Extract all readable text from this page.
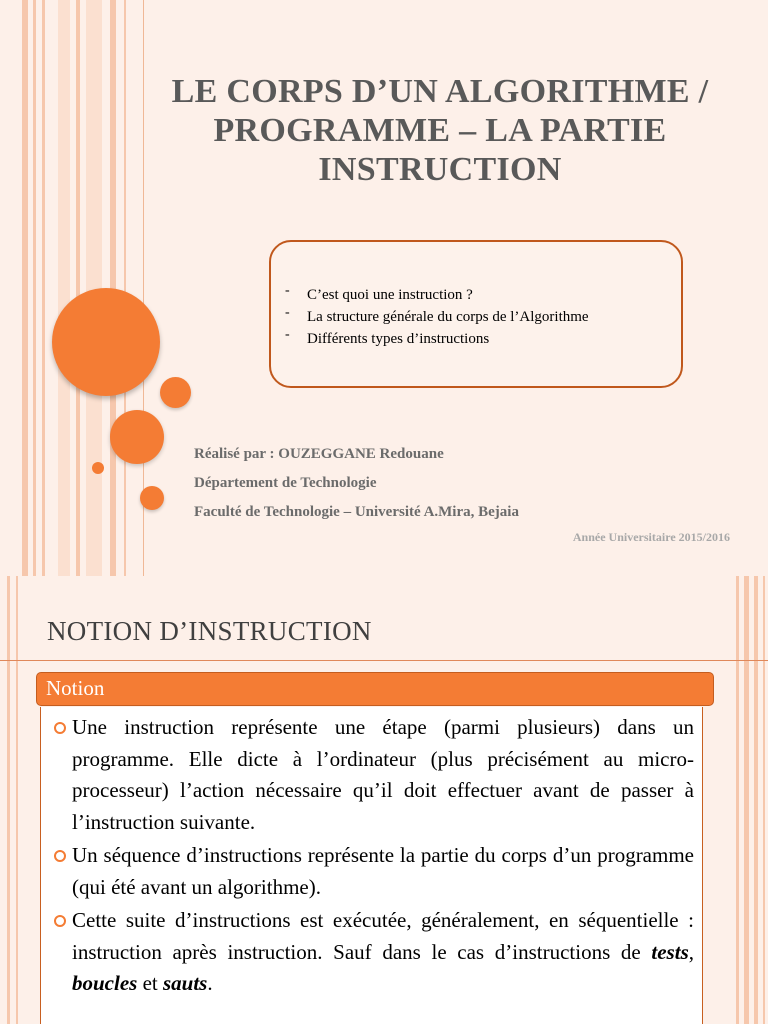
LE CORPS D’UN ALGORITHME /
PROGRAMME – LA PARTIE
INSTRUCTION
-	C’est quoi une instruction ?
-	La structure générale du corps de l’Algorithme
-	Différents types d’instructions
Réalisé par : OUZEGGANE Redouane
Département de Technologie
Faculté de Technologie – Université A.Mira, Bejaia
Année Universitaire 2015/2016
NOTION D’INSTRUCTION
Notion
Une instruction représente une étape (parmi plusieurs) dans un programme. Elle dicte à l’ordinateur (plus précisément au micro-processeur) l’action nécessaire qu’il doit effectuer avant de passer à l’instruction suivante.
Un séquence d’instructions représente la partie du corps d’un programme (qui été avant un algorithme).
Cette suite d’instructions est exécutée, généralement, en séquentielle : instruction après instruction. Sauf dans le cas d’instructions de tests, boucles et sauts.
